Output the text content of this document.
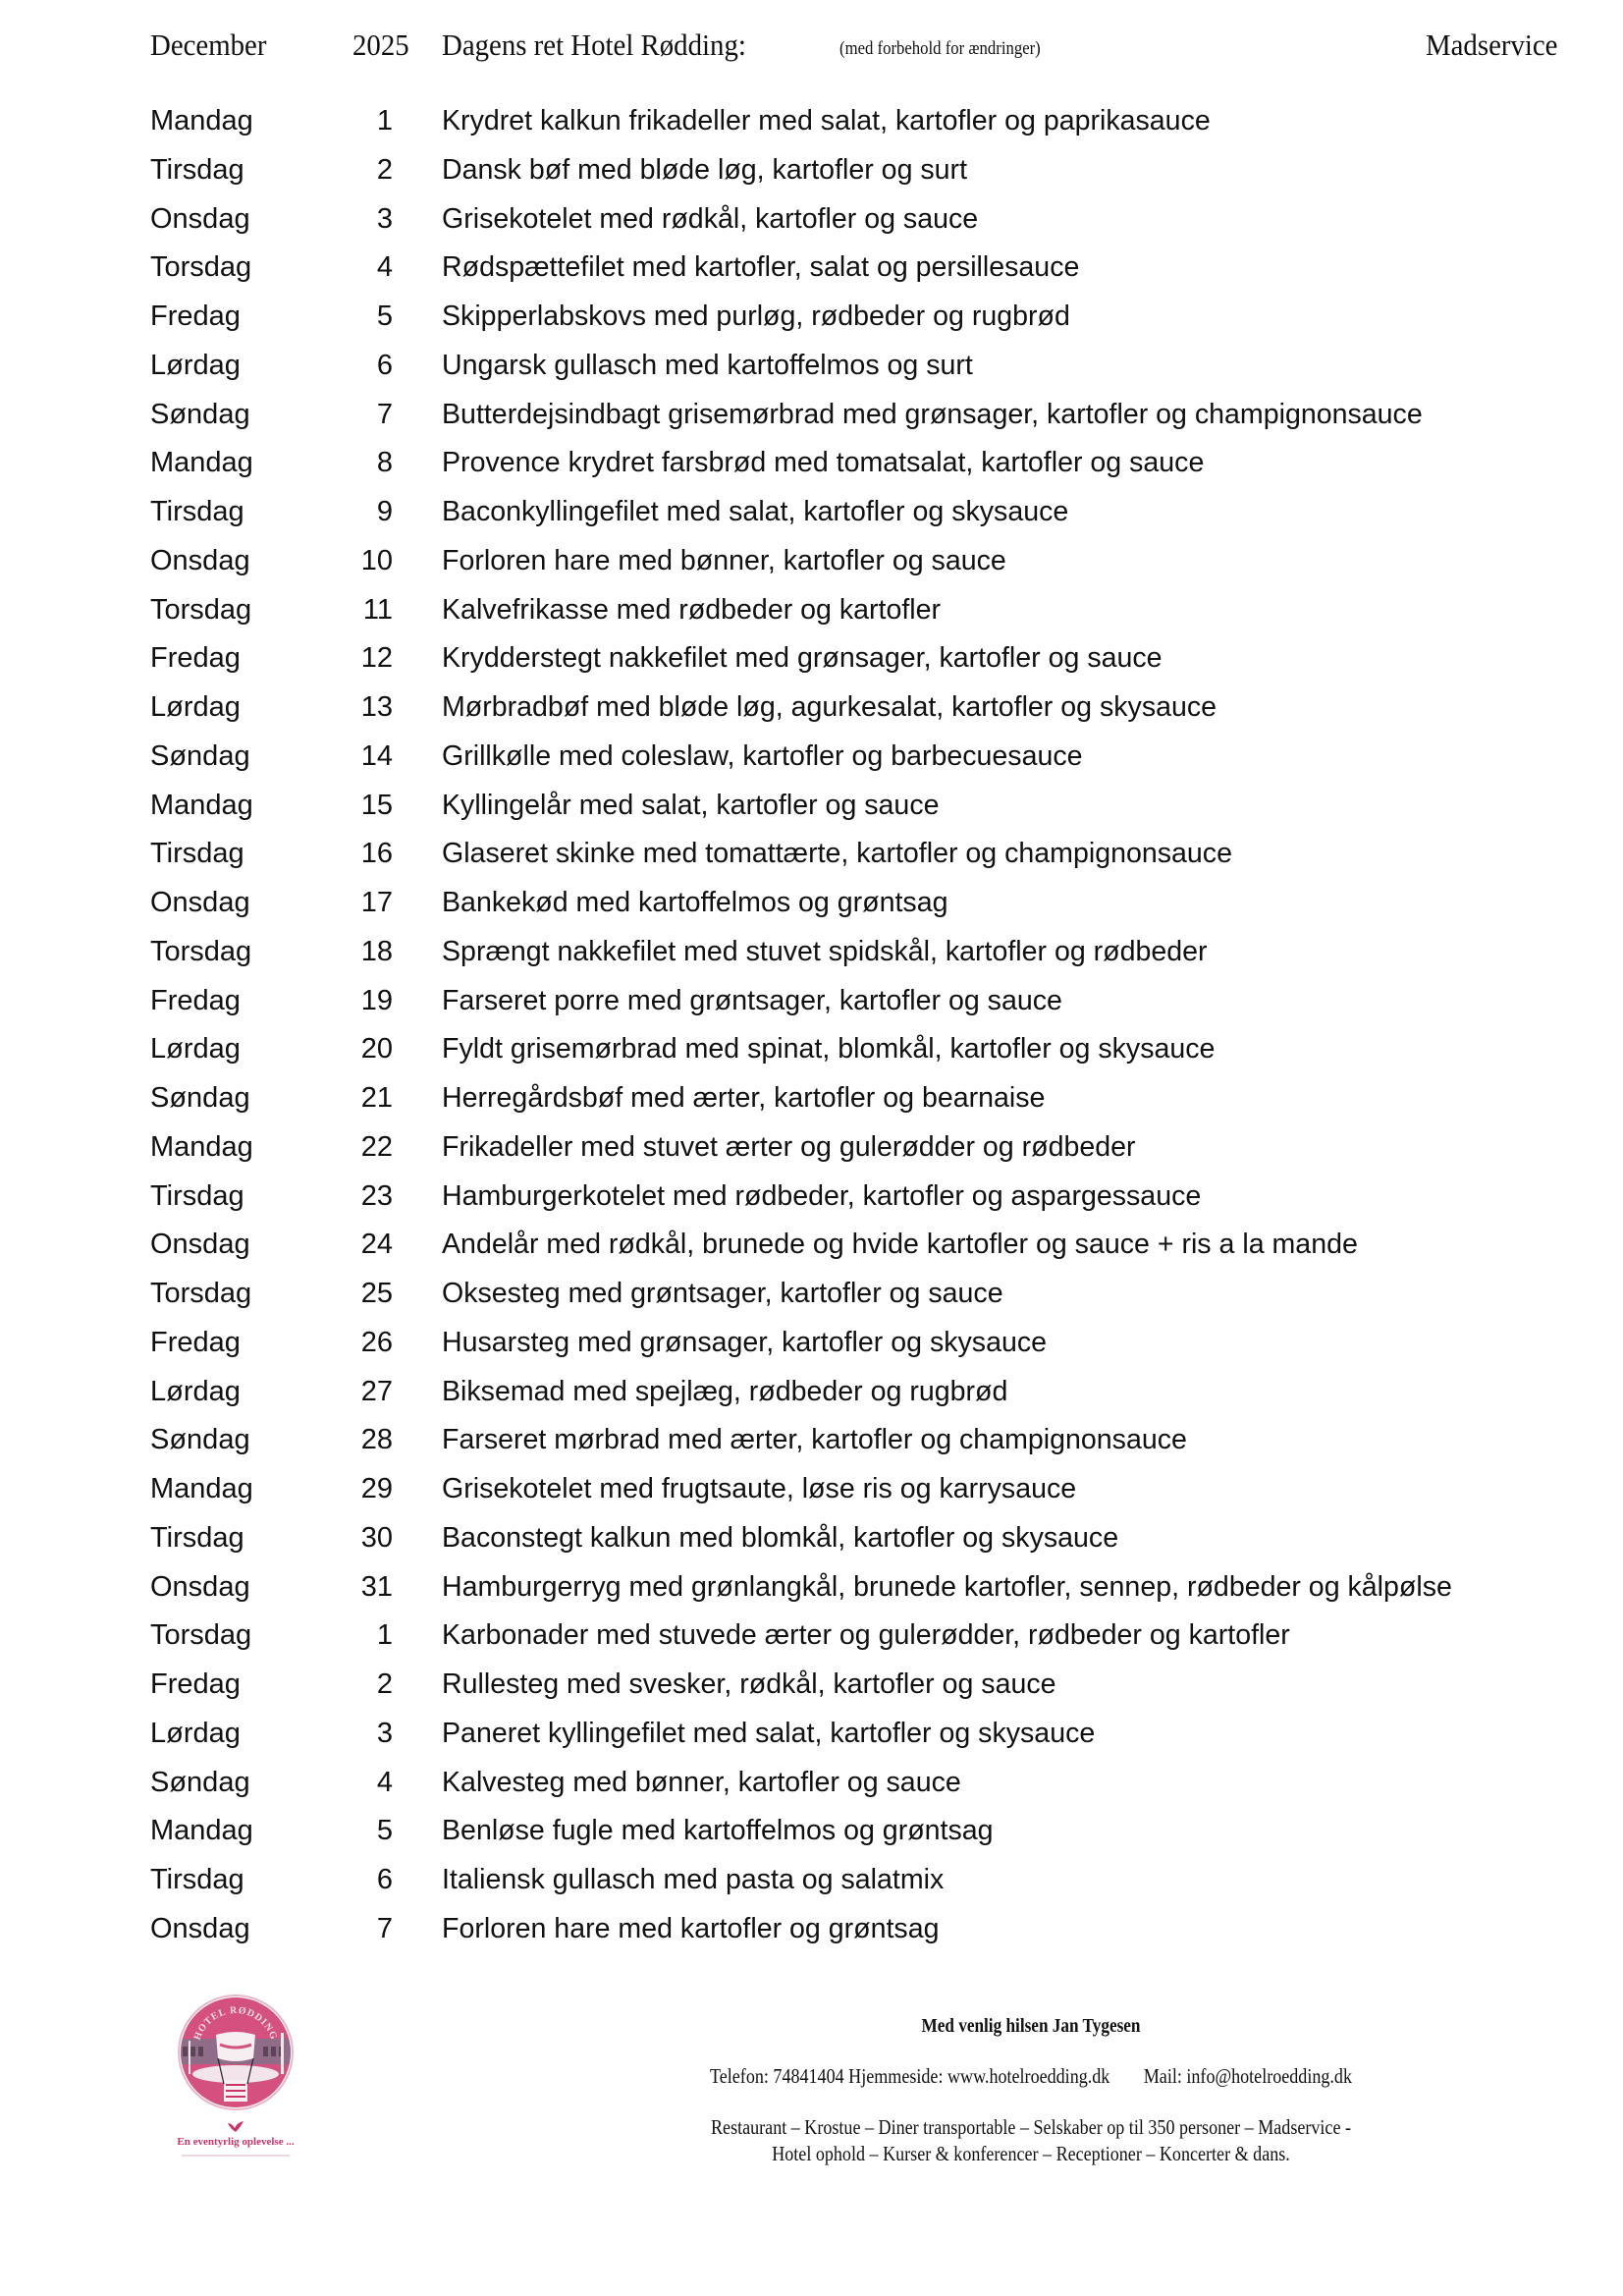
December	2025 Dagens ret Hotel Rødding:	(med forbehold for ændringer)	Madservice
Mandag	1 Krydret kalkun frikadeller med salat, kartofler og paprikasauce
Tirsdag	2 Dansk bøf med bløde løg, kartofler og surt
Onsdag	3 Grisekotelet med rødkål, kartofler og sauce
Torsdag	4 Rødspættefilet med kartofler, salat og persillesauce
Fredag	5 Skipperlabskovs med purløg, rødbeder og rugbrød
Lørdag	6 Ungarsk gullasch med kartoffelmos og surt
Søndag	7 Butterdejsindbagt grisemørbrad med grønsager, kartofler og champignonsauce
Mandag	8 Provence krydret farsbrød med tomatsalat, kartofler og sauce
Tirsdag	9 Baconkyllingefilet med salat, kartofler og skysauce
Onsdag	10 Forloren hare med bønner, kartofler og sauce
Torsdag	11 Kalvefrikasse med rødbeder og kartofler
Fredag	12 Krydderstegt nakkefilet med grønsager, kartofler og sauce
Lørdag	13 Mørbradbøf med bløde løg, agurkesalat, kartofler og skysauce
Søndag	14 Grillkølle med coleslaw, kartofler og barbecuesauce
Mandag	15 Kyllingelår med salat, kartofler og sauce
Tirsdag	16 Glaseret skinke med tomattærte, kartofler og champignonsauce
Onsdag	17 Bankekød med kartoffelmos og grøntsag
Torsdag	18 Sprængt nakkefilet med stuvet spidskål, kartofler og rødbeder
Fredag	19 Farseret porre med grøntsager, kartofler og sauce
Lørdag	20 Fyldt grisemørbrad med spinat, blomkål, kartofler og skysauce
Søndag	21 Herregårdsbøf med ærter, kartofler og bearnaise
Mandag	22 Frikadeller med stuvet ærter og gulerødder og rødbeder
Tirsdag	23 Hamburgerkotelet med rødbeder, kartofler og aspargessauce
Onsdag	24 Andelår med rødkål, brunede og hvide kartofler og sauce + ris a la mande
Torsdag	25 Oksesteg med grøntsager, kartofler og sauce
Fredag	26 Husarsteg med grønsager, kartofler og skysauce
Lørdag	27 Biksemad med spejlæg, rødbeder og rugbrød
Søndag	28 Farseret mørbrad med ærter, kartofler og champignonsauce
Mandag	29 Grisekotelet med frugtsaute, løse ris og karrysauce
Tirsdag	30 Baconstegt kalkun med blomkål, kartofler og skysauce
Onsdag	31 Hamburgerryg med grønlangkål, brunede kartofler, sennep, rødbeder og kålpølse
Torsdag	1 Karbonader med stuvede ærter og gulerødder, rødbeder og kartofler
Fredag	2 Rullesteg med svesker, rødkål, kartofler og sauce
Lørdag	3 Paneret kyllingefilet med salat, kartofler og skysauce
Søndag	4 Kalvesteg med bønner, kartofler og sauce
Mandag	5 Benløse fugle med kartoffelmos og grøntsag
Tirsdag	6 Italiensk gullasch med pasta og salatmix
Onsdag	7 Forloren hare med kartofler og grøntsag
HOTEL RØDDING
En eventyrlig oplevelse ...
Med venlig hilsen Jan Tygesen
Telefon: 74841404 Hjemmeside: www.hotelroedding.dk Mail: info@hotelroedding.dk
Restaurant – Krostue – Diner transportable – Selskaber op til 350 personer – Madservice -
Hotel ophold – Kurser & konferencer – Receptioner – Koncerter & dans.
